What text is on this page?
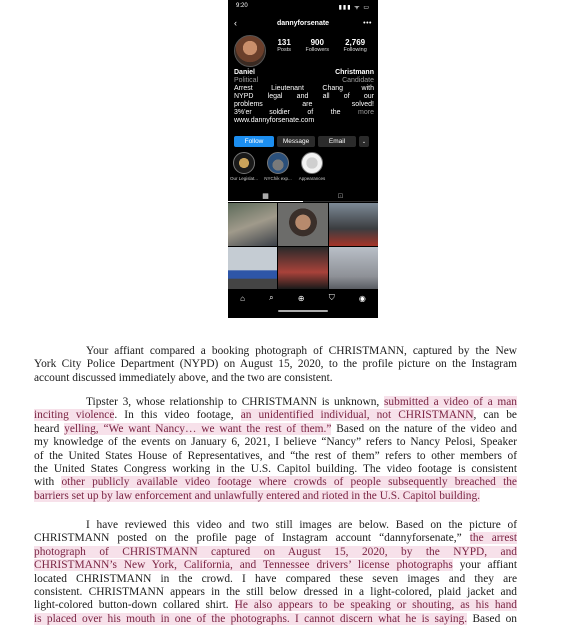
9:20	▮▮▮ ᯤ ▭
‹	dannyforsenate	•••
131
Posts
900
Followers
2,769
Following
Daniel Christmann
Political Candidate
Arrest Lieutenant Chang with
NYPD legal and all of our
problems are solved!
3%'er soldier of the	more
www.dannyforsenate.com
Follow	Message	Email	⌄
Our Legislat... NYChik exp... Appearances
▦	⊡
⌂	⌕	⊕	⛉	◉
Your affiant compared a booking photograph of CHRISTMANN, captured by the New
York City Police Department (NYPD) on August 15, 2020, to the profile picture on the Instagram
account discussed immediately above, and the two are consistent.
Tipster 3, whose relationship to CHRISTMANN is unknown, submitted a video of a man
inciting violence. In this video footage, an unidentified individual, not CHRISTMANN, can be
heard yelling, “We want Nancy… we want the rest of them.” Based on the nature of the video and
my knowledge of the events on January 6, 2021, I believe “Nancy” refers to Nancy Pelosi, Speaker
of the United States House of Representatives, and “the rest of them” refers to other members of
the United States Congress working in the U.S. Capitol building. The video footage is consistent
with other publicly available video footage where crowds of people subsequently breached the
barriers set up by law enforcement and unlawfully entered and rioted in the U.S. Capitol building.
I have reviewed this video and two still images are below. Based on the picture of
CHRISTMANN posted on the profile page of Instagram account “dannyforsenate,” the arrest
photograph of CHRISTMANN captured on August 15, 2020, by the NYPD, and
CHRISTMANN’s New York, California, and Tennessee drivers’ license photographs your affiant
located CHRISTMANN in the crowd. I have compared these seven images and they are
consistent. CHRISTMANN appears in the still below dressed in a light-colored, plaid jacket and
light-colored button-down collared shirt. He also appears to be speaking or shouting, as his hand
is placed over his mouth in one of the photographs. I cannot discern what he is saying. Based on
